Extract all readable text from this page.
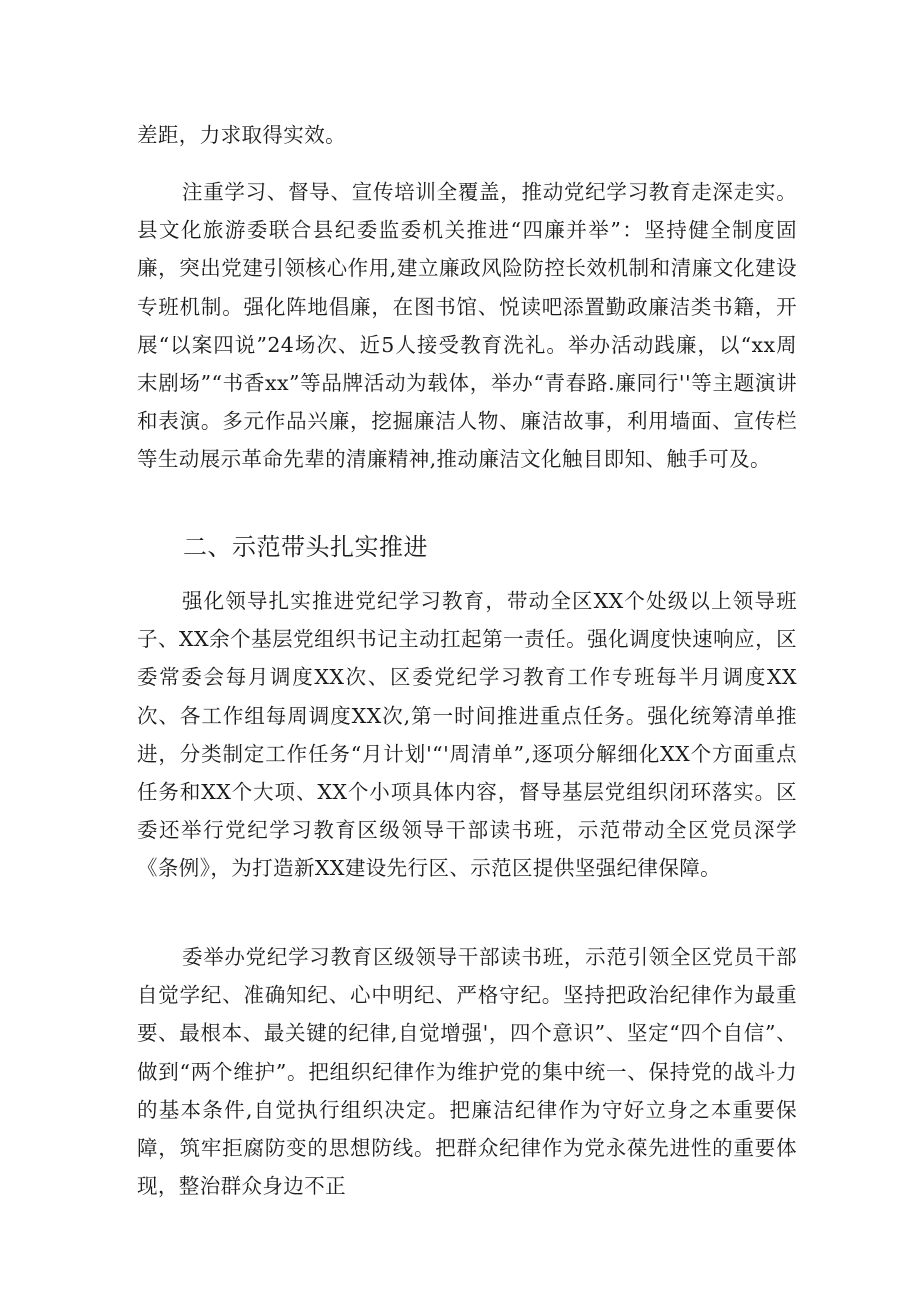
差距，力求取得实效。

注重学习、督导、宣传培训全覆盖，推动党纪学习教育走深走实。县文化旅游委联合县纪委监委机关推进“四廉并举”：坚持健全制度固廉，突出党建引领核心作用,建立廉政风险防控长效机制和清廉文化建设专班机制。强化阵地倡廉，在图书馆、悦读吧添置勤政廉洁类书籍，开展“以案四说”24场次、近5人接受教育洗礼。举办活动践廉，以“xx周末剧场”“书香xx”等品牌活动为载体，举办“青春路.廉同行''等主题演讲和表演。多元作品兴廉，挖掘廉洁人物、廉洁故事，利用墙面、宣传栏等生动展示革命先辈的清廉精神,推动廉洁文化触目即知、触手可及。

二、示范带头扎实推进

强化领导扎实推进党纪学习教育，带动全区XX个处级以上领导班子、XX余个基层党组织书记主动扛起第一责任。强化调度快速响应，区委常委会每月调度XX次、区委党纪学习教育工作专班每半月调度XX次、各工作组每周调度XX次,第一时间推进重点任务。强化统筹清单推进，分类制定工作任务“月计划'“'周清单”,逐项分解细化XX个方面重点任务和XX个大项、XX个小项具体内容，督导基层党组织闭环落实。区委还举行党纪学习教育区级领导干部读书班，示范带动全区党员深学《条例》，为打造新XX建设先行区、示范区提供坚强纪律保障。

委举办党纪学习教育区级领导干部读书班，示范引领全区党员干部自觉学纪、准确知纪、心中明纪、严格守纪。坚持把政治纪律作为最重要、最根本、最关键的纪律,自觉增强'，四个意识”、坚定“四个自信”、做到“两个维护”。把组织纪律作为维护党的集中统一、保持党的战斗力的基本条件,自觉执行组织决定。把廉洁纪律作为守好立身之本重要保障，筑牢拒腐防变的思想防线。把群众纪律作为党永葆先进性的重要体现，整治群众身边不正
